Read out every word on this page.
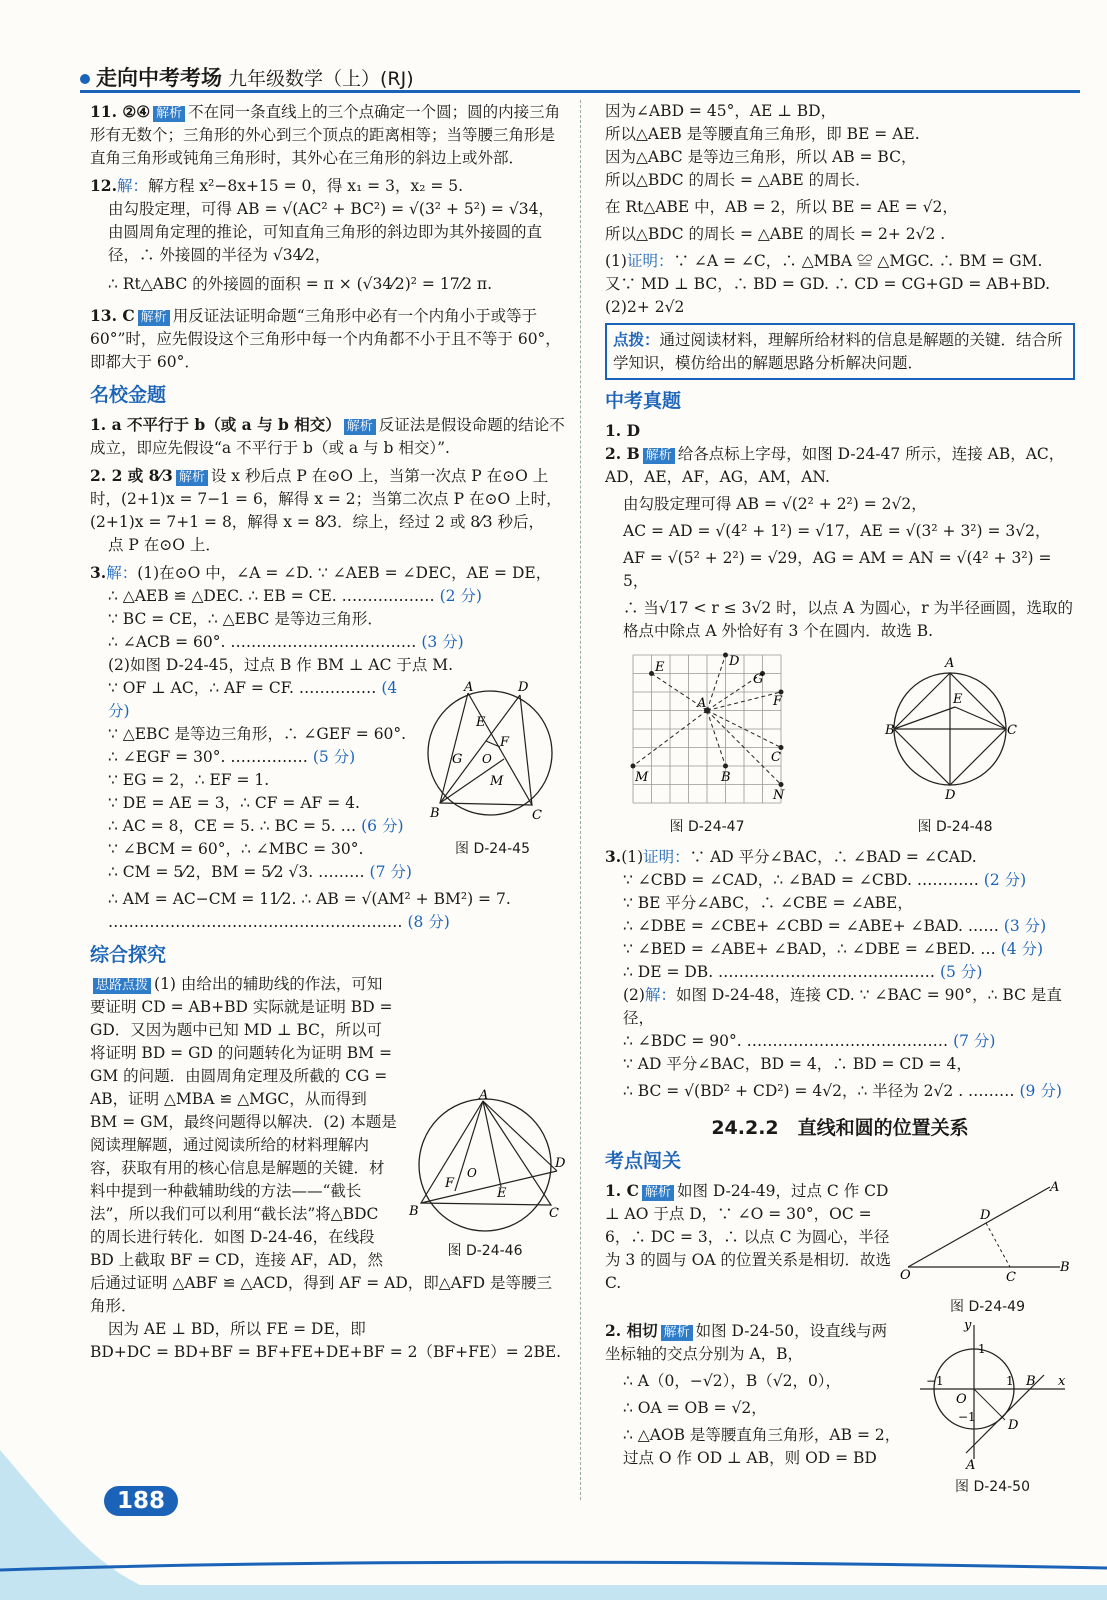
走向中考考场 九年级数学（上）(RJ)

11. ②④ 解析 不在同一条直线上的三个点确定一个圆；圆的内接三角形有无数个；三角形的外心到三个顶点的距离相等；当等腰三角形是直角三角形或钝角三角形时，其外心在三角形的斜边上或外部．

12.解：解方程 x²−8x+15 = 0，得 x₁ = 3，x₂ = 5.

由勾股定理，可得 AB = √(AC² + BC²) = √(3² + 5²) = √34，

由圆周角定理的推论，可知直角三角形的斜边即为其外接圆的直径，∴ 外接圆的半径为 √34⁄2，

∴ Rt△ABC 的外接圆的面积 = π × (√34⁄2)² = 17⁄2 π.

13. C 解析 用反证法证明命题“三角形中必有一个内角小于或等于 60°”时，应先假设这个三角形中每一个内角都不小于且不等于 60°，即都大于 60°．

名校金题

1. a 不平行于 b（或 a 与 b 相交） 解析 反证法是假设命题的结论不成立，即应先假设“a 不平行于 b（或 a 与 b 相交）”.

2. 2 或 8⁄3 解析 设 x 秒后点 P 在⊙O 上，当第一次点 P 在⊙O 上时，(2+1)x = 7−1 = 6，解得 x = 2；当第二次点 P 在⊙O 上时，(2+1)x = 7+1 = 8，解得 x = 8⁄3．综上，经过 2 或 8⁄3 秒后，

点 P 在⊙O 上．

3.解：(1)在⊙O 中，∠A = ∠D. ∵ ∠AEB = ∠DEC，AE = DE，

∴ △AEB ≌ △DEC. ∴ EB = CE. ……………… (2 分)

∵ BC = CE，∴ △EBC 是等边三角形．

∴ ∠ACB = 60°. ……………………………… (3 分)

(2)如图 D-24-45，过点 B 作 BM ⊥ AC 于点 M.

A	D
E
F
G O
M
B	C
图 D-24-45

∵ OF ⊥ AC，∴ AF = CF. …………… (4 分)

∵ △EBC 是等边三角形，∴ ∠GEF = 60°.

∴ ∠EGF = 30°. …………… (5 分)

∵ EG = 2，∴ EF = 1.

∵ DE = AE = 3，∴ CF = AF = 4.

∴ AC = 8，CE = 5. ∴ BC = 5. … (6 分)

∵ ∠BCM = 60°，∴ ∠MBC = 30°.

∴ CM = 5⁄2，BM = 5⁄2 √3. ……… (7 分)

∴ AM = AC−CM = 11⁄2. ∴ AB = √(AM² + BM²) = 7.

………………………………………………… (8 分)

综合探究

A
B	C
D
F
O
E
图 D-24-46

思路点拨 (1) 由给出的辅助线的作法，可知要证明 CD = AB+BD 实际就是证明 BD = GD．又因为题中已知 MD ⊥ BC，所以可将证明 BD = GD 的问题转化为证明 BM = GM 的问题．由圆周角定理及所截的 CG = AB，证明 △MBA ≌ △MGC，从而得到 BM = GM，最终问题得以解决．(2) 本题是阅读理解题，通过阅读所给的材料理解内容，获取有用的核心信息是解题的关键．材料中提到一种截辅助线的方法——“截长法”，所以我们可以利用“截长法”将△BDC 的周长进行转化．如图 D-24-46，在线段 BD 上截取 BF = CD，连接 AF，AD，然后通过证明 △ABF ≌ △ACD，得到 AF = AD，即△AFD 是等腰三角形．

因为 AE ⊥ BD，所以 FE = DE，即

BD+DC = BD+BF = BF+FE+DE+BF = 2（BF+FE）= 2BE.

因为∠ABD = 45°，AE ⊥ BD，

所以△AEB 是等腰直角三角形，即 BE = AE.

因为△ABC 是等边三角形，所以 AB = BC，

所以△BDC 的周长 = △ABE 的周长．

在 Rt△ABE 中，AB = 2，所以 BE = AE = √2，

所以△BDC 的周长 = △ABE 的周长 = 2+ 2√2 .

(1)证明：∵ ∠A = ∠C，∴ △MBA ≌ △MGC. ∴ BM = GM.

又∵ MD ⊥ BC，∴ BD = GD. ∴ CD = CG+GD = AB+BD.

(2)2+ 2√2

点拨：通过阅读材料，理解所给材料的信息是解题的关键．结合所学知识，模仿给出的解题思路分析解决问题．

中考真题

1. D

2. B 解析 给各点标上字母，如图 D-24-47 所示，连接 AB，AC，AD，AE，AF，AG，AM，AN.

由勾股定理可得 AB = √(2² + 2²) = 2√2，

AC = AD = √(4² + 1²) = √17，AE = √(3² + 3²) = 3√2，

AF = √(5² + 2²) = √29，AG = AM = AN = √(4² + 3²) = 5，

∴ 当√17 < r ≤ 3√2 时，以点 A 为圆心，r 为半径画圆，选取的格点中除点 A 外恰好有 3 个在圆内．故选 B.

A
D
E
G
F
C
B
M
N
图 D-24-47
A
B	C
D
E
图 D-24-48

3.(1)证明：∵ AD 平分∠BAC，∴ ∠BAD = ∠CAD.

∵ ∠CBD = ∠CAD，∴ ∠BAD = ∠CBD. ………… (2 分)

∵ BE 平分∠ABC，∴ ∠CBE = ∠ABE，

∴ ∠DBE = ∠CBE+ ∠CBD = ∠ABE+ ∠BAD. …… (3 分)

∵ ∠BED = ∠ABE+ ∠BAD，∴ ∠DBE = ∠BED. … (4 分)

∴ DE = DB. …………………………………… (5 分)

(2)解：如图 D-24-48，连接 CD. ∵ ∠BAC = 90°，∴ BC 是直径，

∴ ∠BDC = 90°. ………………………………… (7 分)

∵ AD 平分∠BAC，BD = 4，∴ BD = CD = 4，

∴ BC = √(BD² + CD²) = 4√2，∴ 半径为 2√2 . ……… (9 分)

24.2.2　直线和圆的位置关系

考点闯关

O
B
A
D
C
图 D-24-49

1. C 解析 如图 D-24-49，过点 C 作 CD ⊥ AO 于点 D，∵ ∠O = 30°，OC = 6，∴ DC = 3，∴ 以点 C 为圆心，半径为 3 的圆与 OA 的位置关系是相切．故选 C.

y
x
O
B
A
D
1
1
−1
−1
图 D-24-50

2. 相切 解析 如图 D-24-50，设直线与两坐标轴的交点分别为 A，B，

∴ A（0，−√2），B（√2，0），

∴ OA = OB = √2，

∴ △AOB 是等腰直角三角形，AB = 2，

过点 O 作 OD ⊥ AB，则 OD = BD

188
